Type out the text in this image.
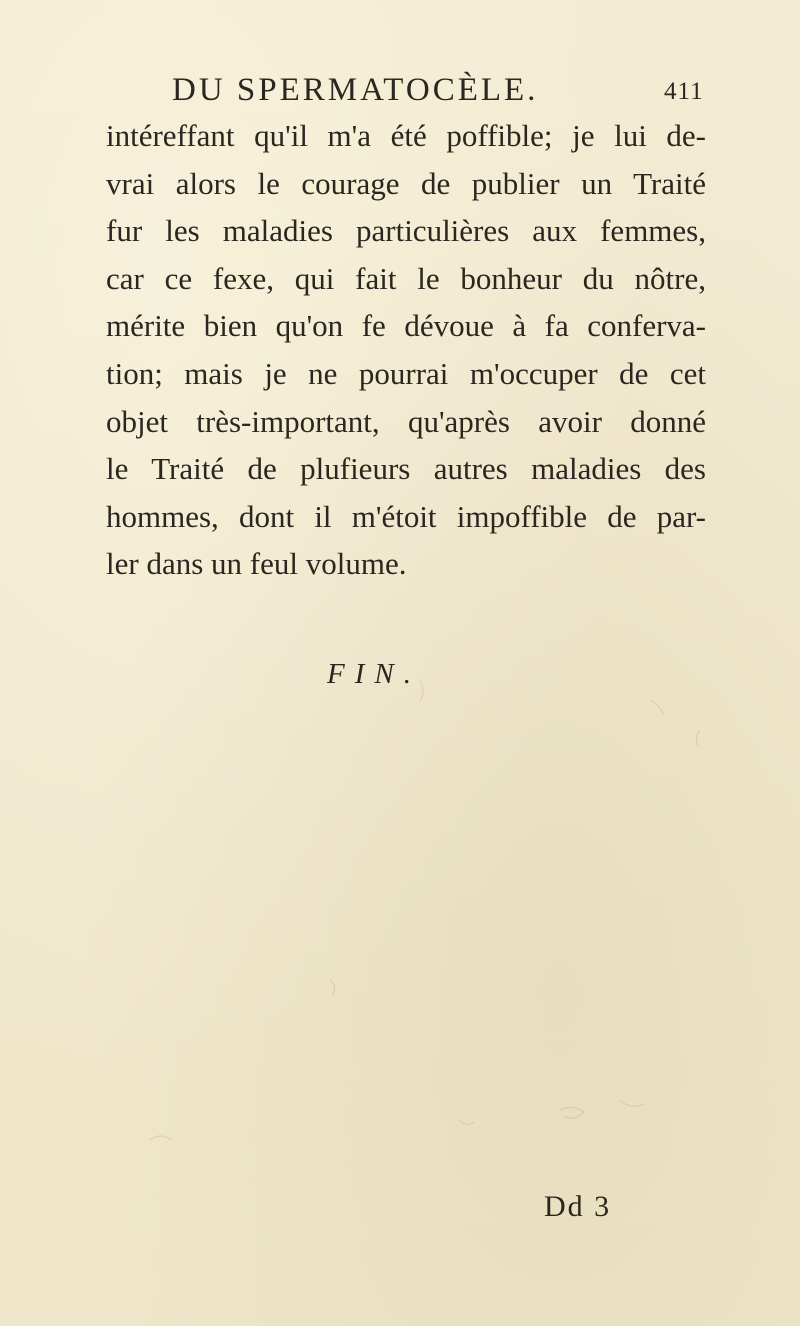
DU SPERMATOCÈLE.	411
intéreffant qu'il m'a été poffible; je lui de-
vrai alors le courage de publier un Traité
fur les maladies particulières aux femmes,
car ce fexe, qui fait le bonheur du nôtre,
mérite bien qu'on fe dévoue à fa conferva-
tion; mais je ne pourrai m'occuper de cet
objet très-important, qu'après avoir donné
le Traité de plufieurs autres maladies des
hommes, dont il m'étoit impoffible de par-
ler dans un feul volume.
FIN.
Dd 3
